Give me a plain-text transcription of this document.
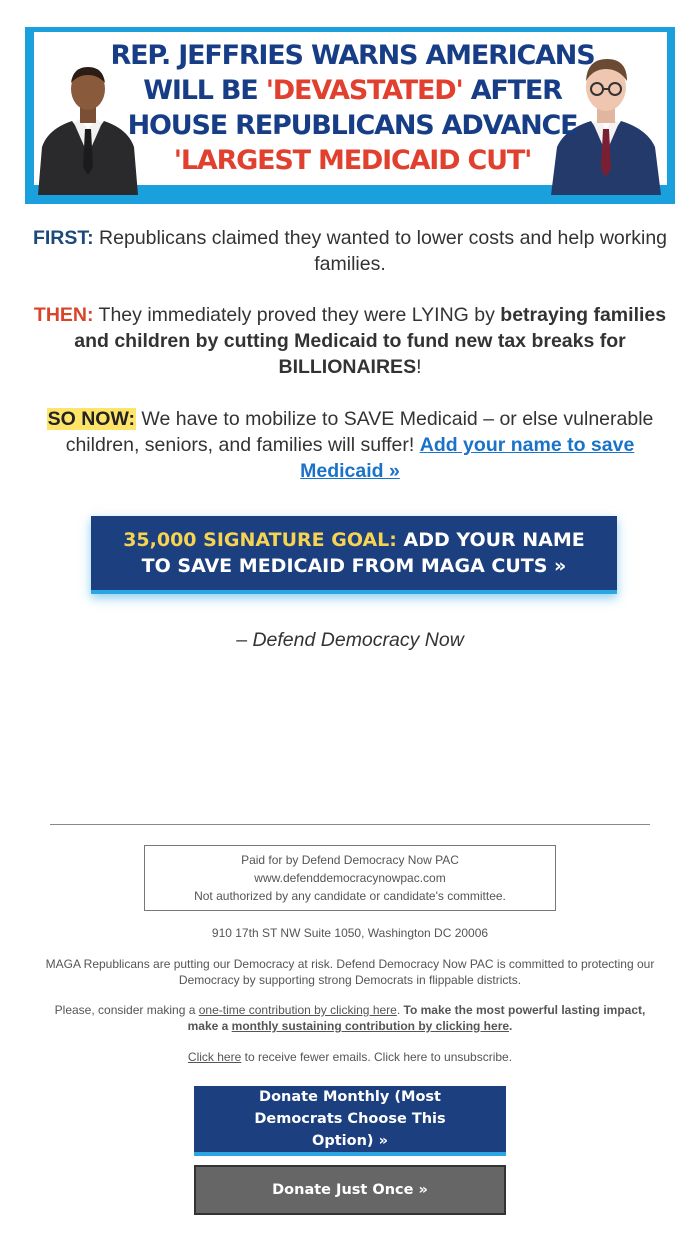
REP. JEFFRIES WARNS AMERICANS
WILL BE 'DEVASTATED' AFTER
HOUSE REPUBLICANS ADVANCE
'LARGEST MEDICAID CUT'

FIRST: Republicans claimed they wanted to lower costs and help working families.

THEN: They immediately proved they were LYING by betraying families and children by cutting Medicaid to fund new tax breaks for BILLIONAIRES!

SO NOW: We have to mobilize to SAVE Medicaid – or else vulnerable children, seniors, and families will suffer! Add your name to save Medicaid »

35,000 SIGNATURE GOAL: ADD YOUR NAME TO SAVE MEDICAID FROM MAGA CUTS »

– Defend Democracy Now

Paid for by Defend Democracy Now PAC
www.defenddemocracynowpac.com
Not authorized by any candidate or candidate's committee.

910 17th ST NW Suite 1050, Washington DC 20006

MAGA Republicans are putting our Democracy at risk. Defend Democracy Now PAC is committed to protecting our Democracy by supporting strong Democrats in flippable districts.

Please, consider making a one-time contribution by clicking here. To make the most powerful lasting impact, make a monthly sustaining contribution by clicking here.

Click here to receive fewer emails. Click here to unsubscribe.

Donate Monthly (Most Democrats Choose This Option) »
Donate Just Once »
